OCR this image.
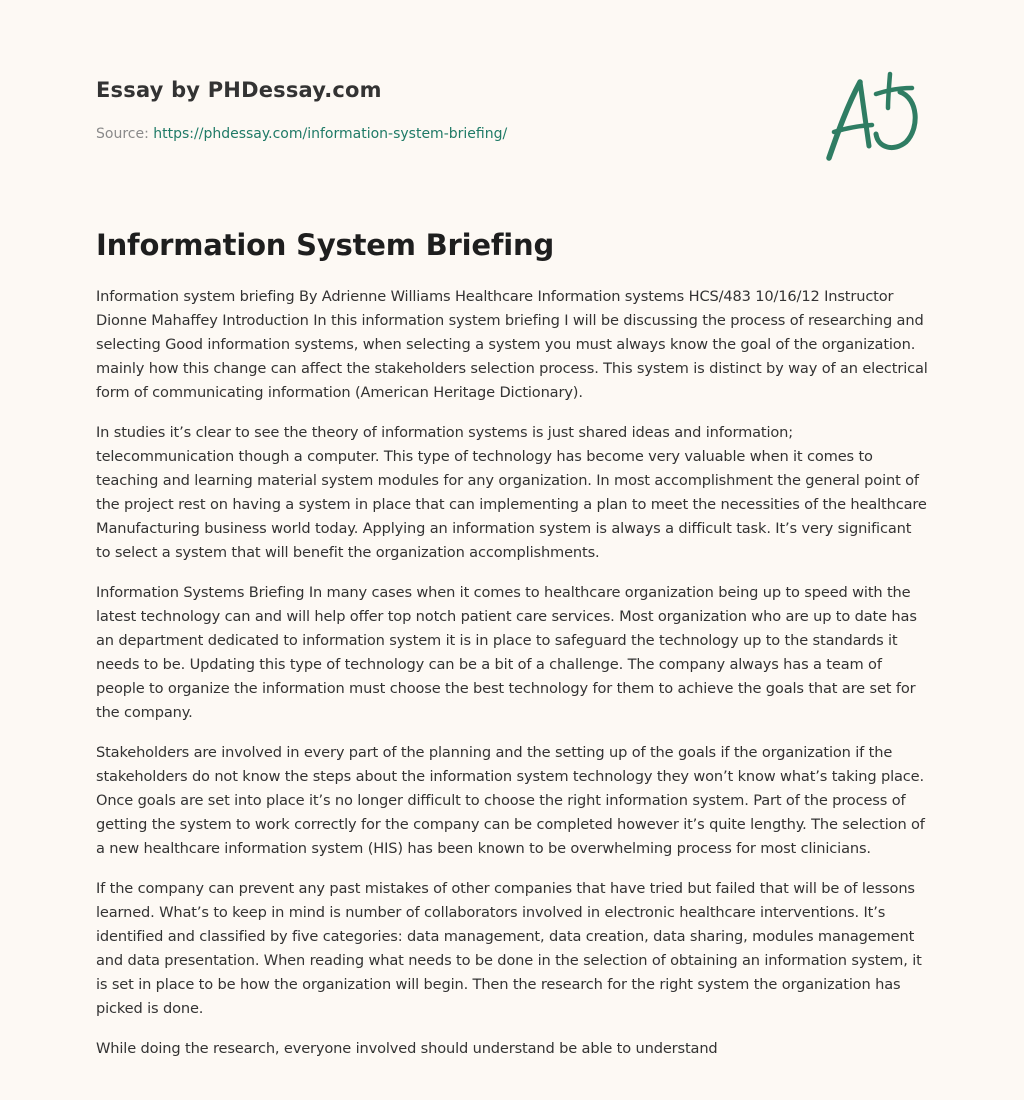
Essay by PHDessay.com
Source: https://phdessay.com/information-system-briefing/
Information System Briefing

Information system briefing By Adrienne Williams Healthcare Information systems HCS/483 10/16/12 Instructor Dionne Mahaffey Introduction In this information system briefing I will be discussing the process of researching and selecting Good information systems, when selecting a system you must always know the goal of the organization. mainly how this change can affect the stakeholders selection process. This system is distinct by way of an electrical form of communicating information (American Heritage Dictionary).

In studies it’s clear to see the theory of information systems is just shared ideas and information; telecommunication though a computer. This type of technology has become very valuable when it comes to teaching and learning material system modules for any organization. In most accomplishment the general point of the project rest on having a system in place that can implementing a plan to meet the necessities of the healthcare Manufacturing business world today. Applying an information system is always a difficult task. It’s very significant to select a system that will benefit the organization accomplishments.

Information Systems Briefing In many cases when it comes to healthcare organization being up to speed with the latest technology can and will help offer top notch patient care services. Most organization who are up to date has an department dedicated to information system it is in place to safeguard the technology up to the standards it needs to be. Updating this type of technology can be a bit of a challenge. The company always has a team of people to organize the information must choose the best technology for them to achieve the goals that are set for the company.

Stakeholders are involved in every part of the planning and the setting up of the goals if the organization if the stakeholders do not know the steps about the information system technology they won’t know what’s taking place. Once goals are set into place it’s no longer difficult to choose the right information system. Part of the process of getting the system to work correctly for the company can be completed however it’s quite lengthy. The selection of a new healthcare information system (HIS) has been known to be overwhelming process for most clinicians.

If the company can prevent any past mistakes of other companies that have tried but failed that will be of lessons learned. What’s to keep in mind is number of collaborators involved in electronic healthcare interventions. It’s identified and classified by five categories: data management, data creation, data sharing, modules management and data presentation. When reading what needs to be done in the selection of obtaining an information system, it is set in place to be how the organization will begin. Then the research for the right system the organization has picked is done.

While doing the research, everyone involved should understand be able to understand
